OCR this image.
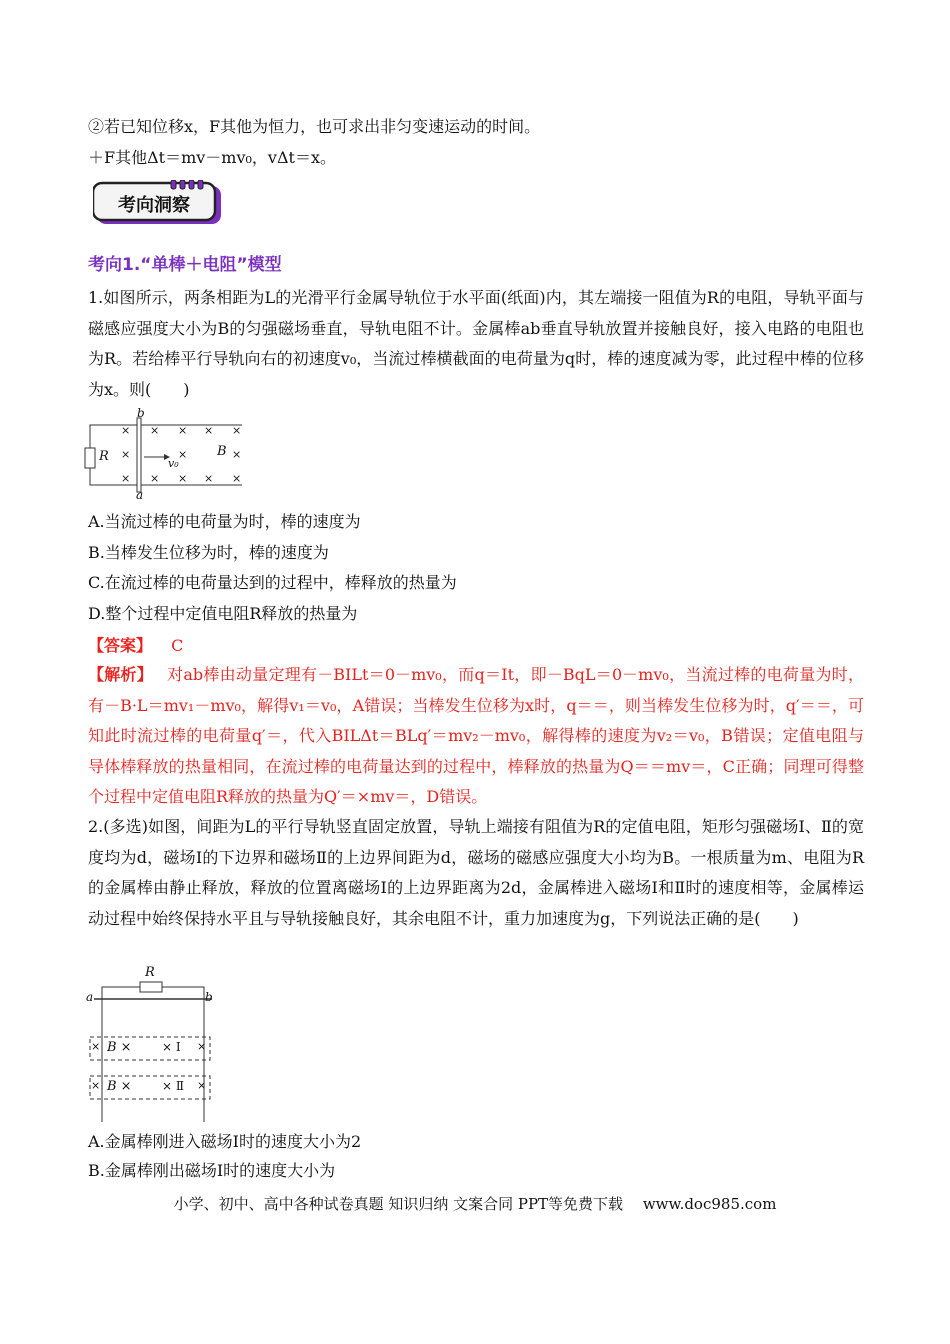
②若已知位移x，F其他为恒力，也可求出非匀变速运动的时间。
＋F其他Δt＝mv－mv₀，vΔt＝x。
考向洞察
考向1.“单棒＋电阻”模型
1.如图所示，两条相距为L的光滑平行金属导轨位于水平面(纸面)内，其左端接一阻值为R的电阻，导轨平面与磁感应强度大小为B的匀强磁场垂直，导轨电阻不计。金属棒ab垂直导轨放置并接触良好，接入电路的电阻也为R。若给棒平行导轨向右的初速度v₀，当流过棒横截面的电荷量为q时，棒的速度减为零，此过程中棒的位移为x。则(　　)
b
a
R	B
v₀
×
×
×
×
×
×
×
×
×
×
×
×
×
A.当流过棒的电荷量为时，棒的速度为
B.当棒发生位移为时，棒的速度为
C.在流过棒的电荷量达到的过程中，棒释放的热量为
D.整个过程中定值电阻R释放的热量为
【答案】 C
【解析】 对ab棒由动量定理有－BILt＝0－mv₀，而q＝It，即－BqL＝0－mv₀，当流过棒的电荷量为时，有－B·L＝mv₁－mv₀，解得v₁＝v₀，A错误；当棒发生位移为x时，q＝＝，则当棒发生位移为时，q′＝＝，可知此时流过棒的电荷量q′＝，代入BILΔt＝BLq′＝mv₂－mv₀，解得棒的速度为v₂＝v₀，B错误；定值电阻与导体棒释放的热量相同，在流过棒的电荷量达到的过程中，棒释放的热量为Q＝＝mv＝，C正确；同理可得整个过程中定值电阻R释放的热量为Q′＝×mv＝，D错误。
2.(多选)如图，间距为L的平行导轨竖直固定放置，导轨上端接有阻值为R的定值电阻，矩形匀强磁场Ⅰ、Ⅱ的宽度均为d，磁场Ⅰ的下边界和磁场Ⅱ的上边界间距为d，磁场的磁感应强度大小均为B。一根质量为m、电阻为R的金属棒由静止释放，释放的位置离磁场Ⅰ的上边界距离为2d，金属棒进入磁场Ⅰ和Ⅱ时的速度相等，金属棒运动过程中始终保持水平且与导轨接触良好，其余电阻不计，重力加速度为g，下列说法正确的是(　　)
R
a	b
× B ×	× Ⅰ ×
× B ×	× Ⅱ ×
A.金属棒刚进入磁场Ⅰ时的速度大小为2
B.金属棒刚出磁场Ⅰ时的速度大小为
小学、初中、高中各种试卷真题 知识归纳 文案合同 PPT等免费下载　 www.doc985.com
